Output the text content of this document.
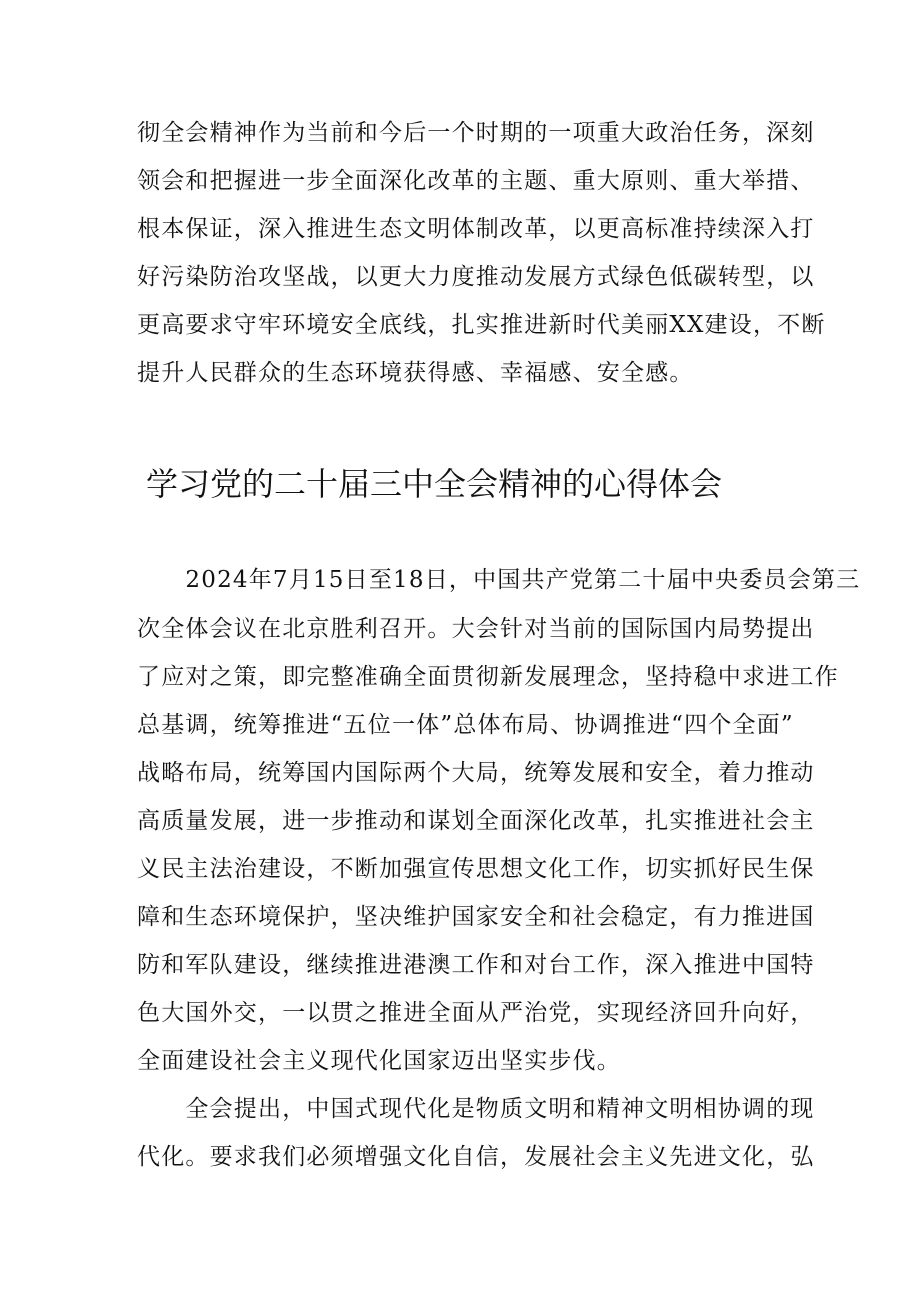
彻全会精神作为当前和今后一个时期的一项重大政治任务，深刻
领会和把握进一步全面深化改革的主题、重大原则、重大举措、
根本保证，深入推进生态文明体制改革，以更高标准持续深入打
好污染防治攻坚战，以更大力度推动发展方式绿色低碳转型，以
更高要求守牢环境安全底线，扎实推进新时代美丽XX建设，不断
提升人民群众的生态环境获得感、幸福感、安全感。
学习党的二十届三中全会精神的心得体会
　　2024年7月15日至18日，中国共产党第二十届中央委员会第三
次全体会议在北京胜利召开。大会针对当前的国际国内局势提出
了应对之策，即完整准确全面贯彻新发展理念，坚持稳中求进工作
总基调，统筹推进“五位一体”总体布局、协调推进“四个全面”
战略布局，统筹国内国际两个大局，统筹发展和安全，着力推动
高质量发展，进一步推动和谋划全面深化改革，扎实推进社会主
义民主法治建设，不断加强宣传思想文化工作，切实抓好民生保
障和生态环境保护，坚决维护国家安全和社会稳定，有力推进国
防和军队建设，继续推进港澳工作和对台工作，深入推进中国特
色大国外交，一以贯之推进全面从严治党，实现经济回升向好，
全面建设社会主义现代化国家迈出坚实步伐。
　　全会提出，中国式现代化是物质文明和精神文明相协调的现
代化。要求我们必须增强文化自信，发展社会主义先进文化，弘
